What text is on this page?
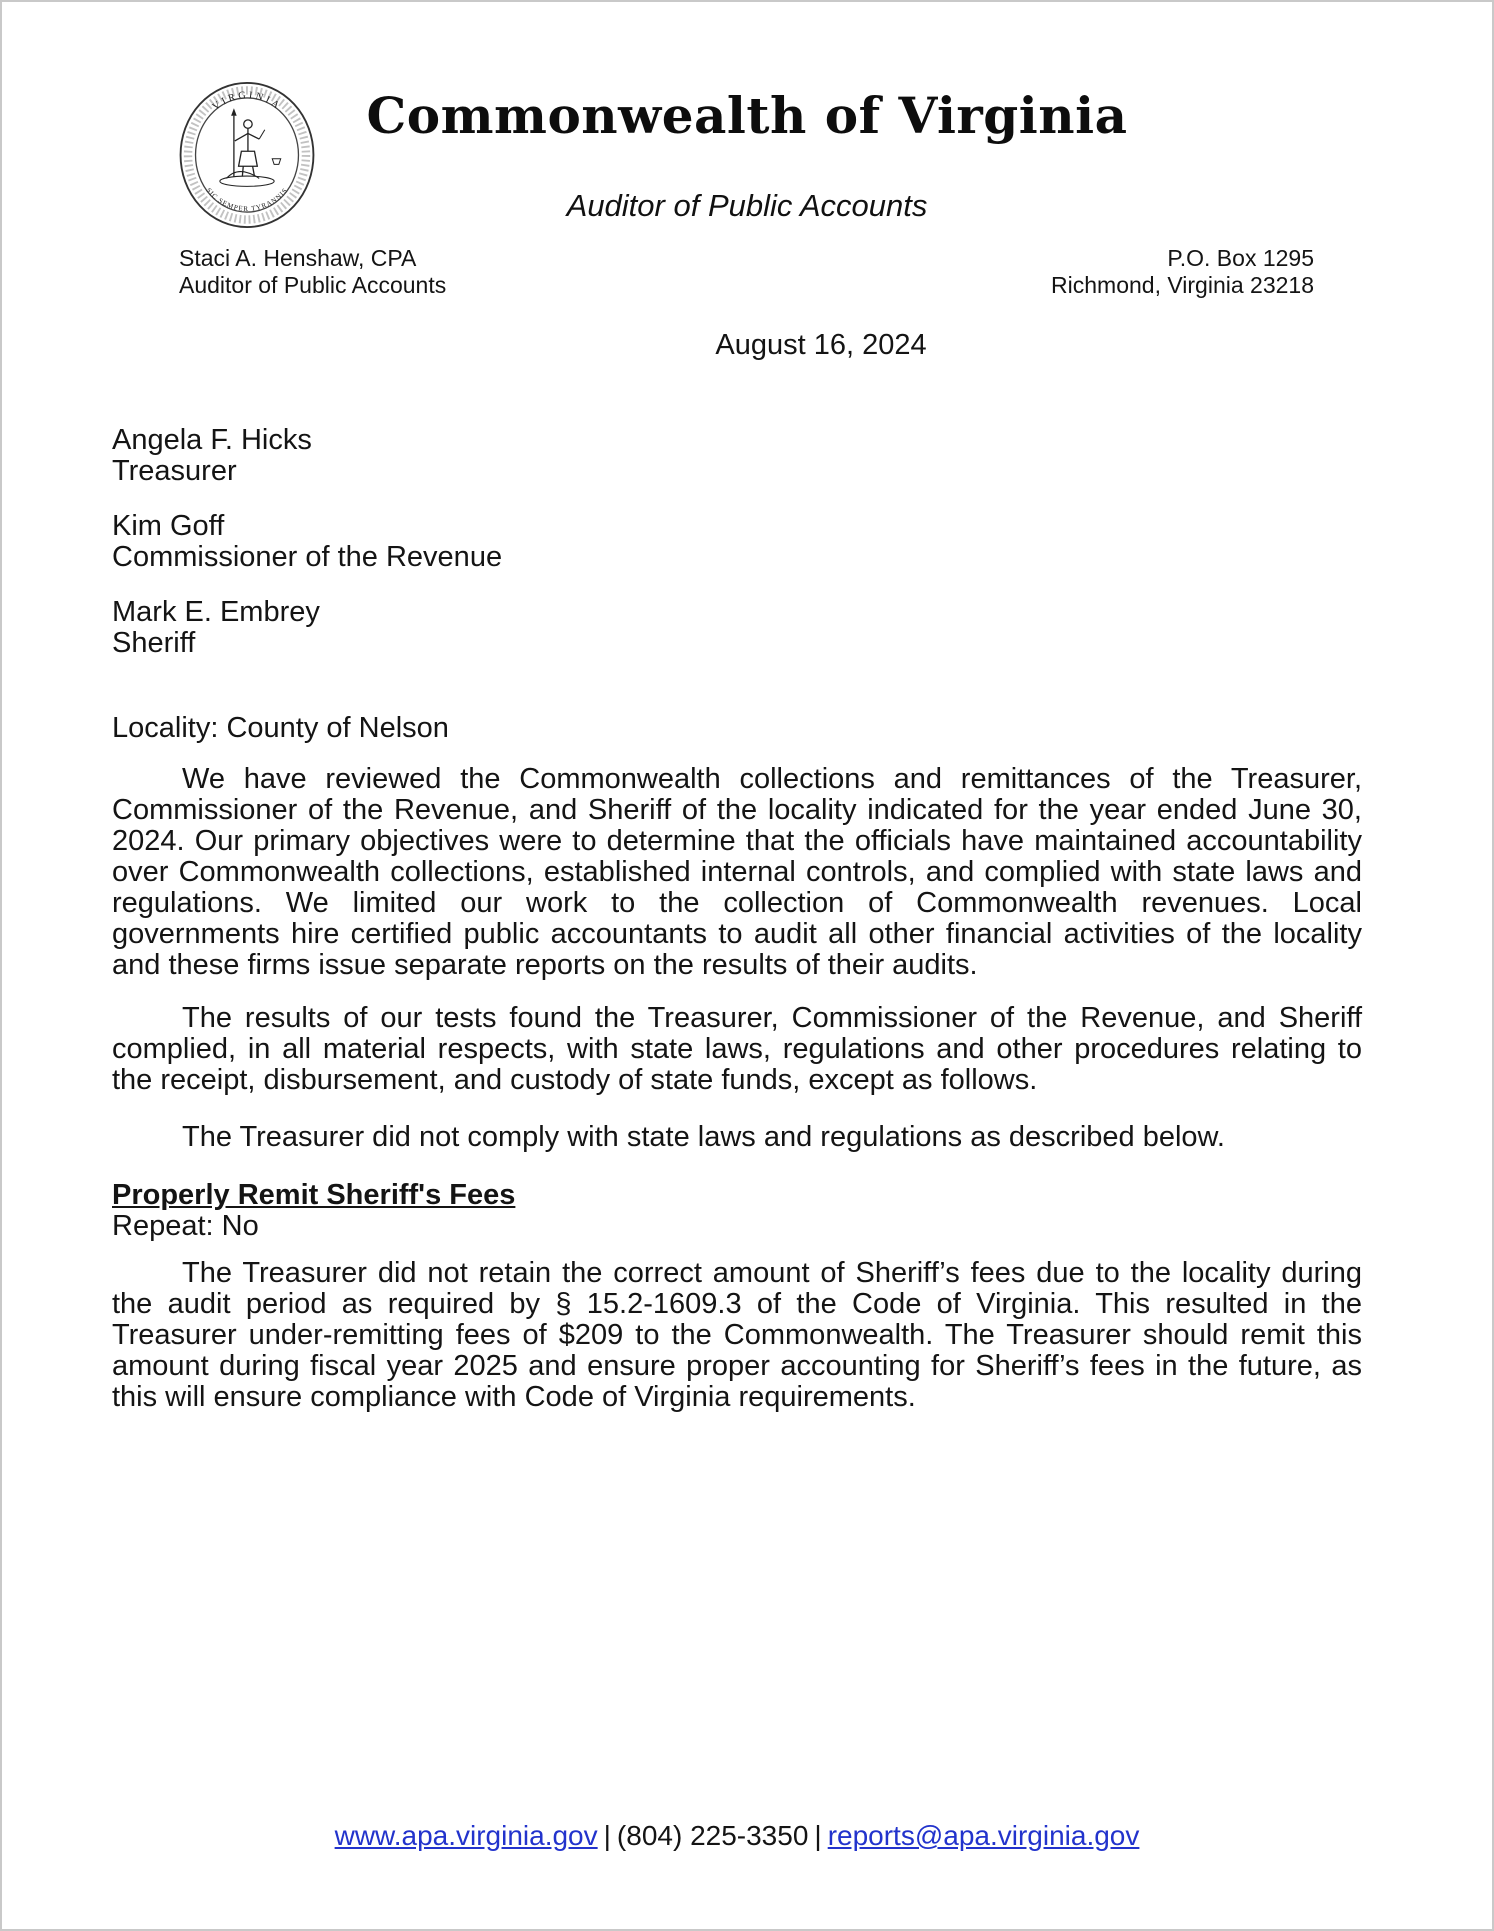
VIRGINIA
SIC SEMPER TYRANNIS
Commonwealth of Virginia
Auditor of Public Accounts
Staci A. Henshaw, CPA
Auditor of Public Accounts
P.O. Box 1295
Richmond, Virginia 23218
August 16, 2024
Angela F. Hicks
Treasurer
Kim Goff
Commissioner of the Revenue
Mark E. Embrey
Sheriff
Locality: County of Nelson
We have reviewed the Commonwealth collections and remittances of the Treasurer, Commissioner of the Revenue, and Sheriff of the locality indicated for the year ended June 30, 2024. Our primary objectives were to determine that the officials have maintained accountability over Commonwealth collections, established internal controls, and complied with state laws and regulations. We limited our work to the collection of Commonwealth revenues. Local governments hire certified public accountants to audit all other financial activities of the locality and these firms issue separate reports on the results of their audits.
The results of our tests found the Treasurer, Commissioner of the Revenue, and Sheriff complied, in all material respects, with state laws, regulations and other procedures relating to the receipt, disbursement, and custody of state funds, except as follows.
The Treasurer did not comply with state laws and regulations as described below.
Properly Remit Sheriff's Fees
Repeat: No
The Treasurer did not retain the correct amount of Sheriff’s fees due to the locality during the audit period as required by § 15.2-1609.3 of the Code of Virginia. This resulted in the Treasurer under-remitting fees of $209 to the Commonwealth. The Treasurer should remit this amount during fiscal year 2025 and ensure proper accounting for Sheriff’s fees in the future, as this will ensure compliance with Code of Virginia requirements.
www.apa.virginia.gov | (804) 225-3350 | reports@apa.virginia.gov
